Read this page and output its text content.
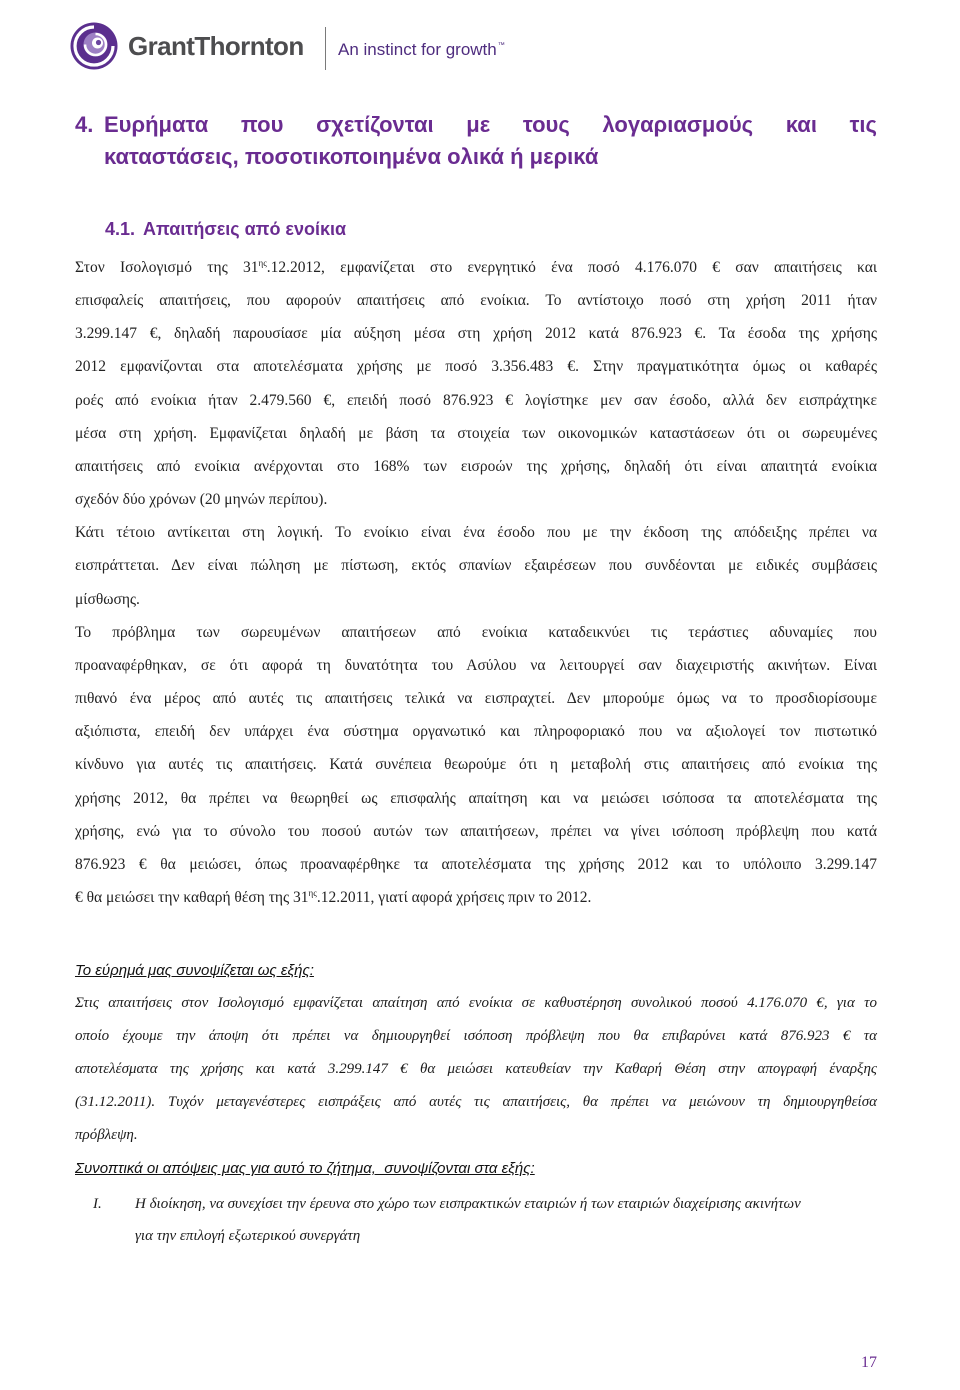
GrantThornton An instinct for growth™
4. Ευρήματα που σχετίζονται με τους λογαριασμούς και τις
καταστάσεις, ποσοτικοποιημένα ολικά ή μερικά
4.1. Απαιτήσεις από ενοίκια
Στον Ισολογισμό της $31^{\eta\varsigma}.12.2012$, εμφανίζεται στο ενεργητικό ένα ποσό 4.176.070 € σαν απαιτήσεις και
επισφαλείς απαιτήσεις, που αφορούν απαιτήσεις από ενοίκια. Το αντίστοιχο ποσό στη χρήση 2011 ήταν
3.299.147 €, δηλαδή παρουσίασε μία αύξηση μέσα στη χρήση 2012 κατά 876.923 €. Τα έσοδα της χρήσης
2012 εμφανίζονται στα αποτελέσματα χρήσης με ποσό 3.356.483 €. Στην πραγματικότητα όμως οι καθαρές
ροές από ενοίκια ήταν 2.479.560 €, επειδή ποσό 876.923 € λογίστηκε μεν σαν έσοδο, αλλά δεν εισπράχτηκε
μέσα στη χρήση. Εμφανίζεται δηλαδή με βάση τα στοιχεία των οικονομικών καταστάσεων ότι οι σωρευμένες
απαιτήσεις από ενοίκια ανέρχονται στο 168% των εισροών της χρήσης, δηλαδή ότι είναι απαιτητά ενοίκια
σχεδόν δύο χρόνων (20 μηνών περίπου).
Κάτι τέτοιο αντίκειται στη λογική. Το ενοίκιο είναι ένα έσοδο που με την έκδοση της απόδειξης πρέπει να
εισπράττεται. Δεν είναι πώληση με πίστωση, εκτός σπανίων εξαιρέσεων που συνδέονται με ειδικές συμβάσεις
μίσθωσης.
Το πρόβλημα των σωρευμένων απαιτήσεων από ενοίκια καταδεικνύει τις τεράστιες αδυναμίες που
προαναφέρθηκαν, σε ότι αφορά τη δυνατότητα του Ασύλου να λειτουργεί σαν διαχειριστής ακινήτων. Είναι
πιθανό ένα μέρος από αυτές τις απαιτήσεις τελικά να εισπραχτεί. Δεν μπορούμε όμως να το προσδιορίσουμε
αξιόπιστα, επειδή δεν υπάρχει ένα σύστημα οργανωτικό και πληροφοριακό που να αξιολογεί τον πιστωτικό
κίνδυνο για αυτές τις απαιτήσεις. Κατά συνέπεια θεωρούμε ότι η μεταβολή στις απαιτήσεις από ενοίκια της
χρήσης 2012, θα πρέπει να θεωρηθεί ως επισφαλής απαίτηση και να μειώσει ισόποσα τα αποτελέσματα της
χρήσης, ενώ για το σύνολο του ποσού αυτών των απαιτήσεων, πρέπει να γίνει ισόποση πρόβλεψη που κατά
876.923 € θα μειώσει, όπως προαναφέρθηκε τα αποτελέσματα της χρήσης 2012 και το υπόλοιπο 3.299.147
€ θα μειώσει την καθαρή θέση της $31^{\eta\varsigma}.12.2011$, γιατί αφορά χρήσεις πριν το 2012.
Το εύρημά μας συνοψίζεται ως εξής:
Στις απαιτήσεις στον Ισολογισμό εμφανίζεται απαίτηση από ενοίκια σε καθυστέρηση συνολικού ποσού 4.176.070 €, για το
οποίο έχουμε την άποψη ότι πρέπει να δημιουργηθεί ισόποση πρόβλεψη που θα επιβαρύνει κατά 876.923 € τα
αποτελέσματα της χρήσης και κατά 3.299.147 € θα μειώσει κατευθείαν την Καθαρή Θέση στην απογραφή έναρξης
(31.12.2011). Τυχόν μεταγενέστερες εισπράξεις από αυτές τις απαιτήσεις, θα πρέπει να μειώνουν τη δημιουργηθείσα
πρόβλεψη.
Συνοπτικά οι απόψεις μας για αυτό το ζήτημα,  συνοψίζονται στα εξής:
I. Η διοίκηση, να συνεχίσει την έρευνα στο χώρο των εισπρακτικών εταιριών ή των εταιριών διαχείρισης ακινήτων
για την επιλογή εξωτερικού συνεργάτη
17
